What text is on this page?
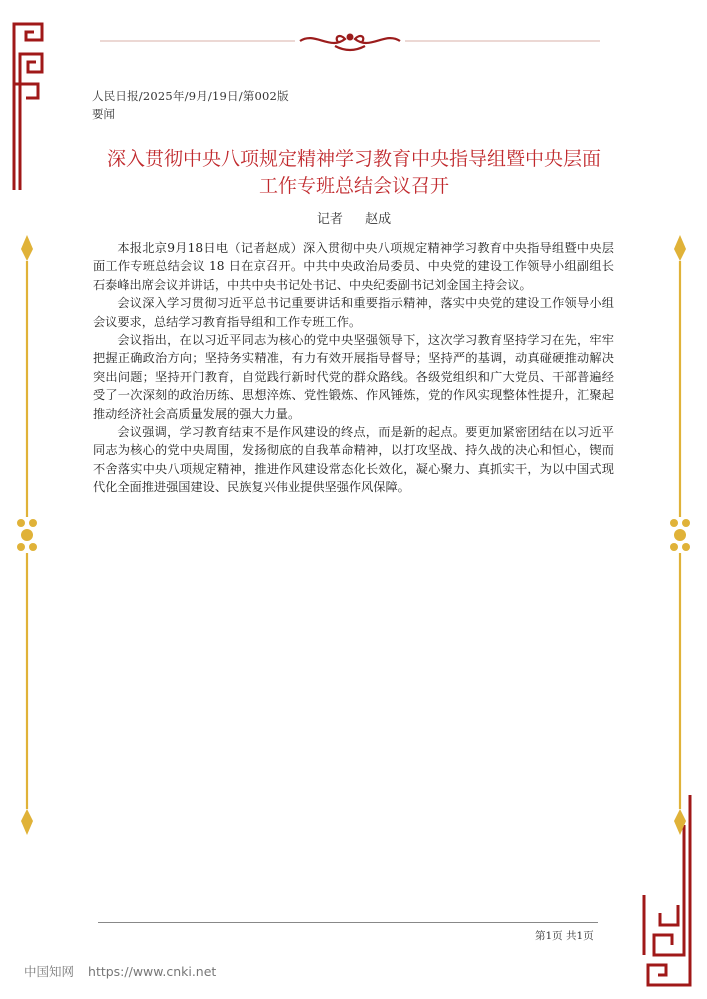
人民日报/2025年/9月/19日/第002版
要闻
深入贯彻中央八项规定精神学习教育中央指导组暨中央层面
工作专班总结会议召开
记者 赵成

本报北京9月18日电（记者赵成）深入贯彻中央八项规定精神学习教育中央指导组暨中央层面工作专班总结会议 18 日在京召开。中共中央政治局委员、中央党的建设工作领导小组副组长石泰峰出席会议并讲话，中共中央书记处书记、中央纪委副书记刘金国主持会议。

会议深入学习贯彻习近平总书记重要讲话和重要指示精神，落实中央党的建设工作领导小组会议要求，总结学习教育指导组和工作专班工作。

会议指出，在以习近平同志为核心的党中央坚强领导下，这次学习教育坚持学习在先，牢牢把握正确政治方向；坚持务实精准，有力有效开展指导督导；坚持严的基调，动真碰硬推动解决突出问题；坚持开门教育，自觉践行新时代党的群众路线。各级党组织和广大党员、干部普遍经受了一次深刻的政治历练、思想淬炼、党性锻炼、作风锤炼，党的作风实现整体性提升，汇聚起推动经济社会高质量发展的强大力量。

会议强调，学习教育结束不是作风建设的终点，而是新的起点。要更加紧密团结在以习近平同志为核心的党中央周围，发扬彻底的自我革命精神，以打攻坚战、持久战的决心和恒心，锲而不舍落实中央八项规定精神，推进作风建设常态化长效化，凝心聚力、真抓实干，为以中国式现代化全面推进强国建设、民族复兴伟业提供坚强作风保障。

第1页 共1页
中国知网 https://www.cnki.net
